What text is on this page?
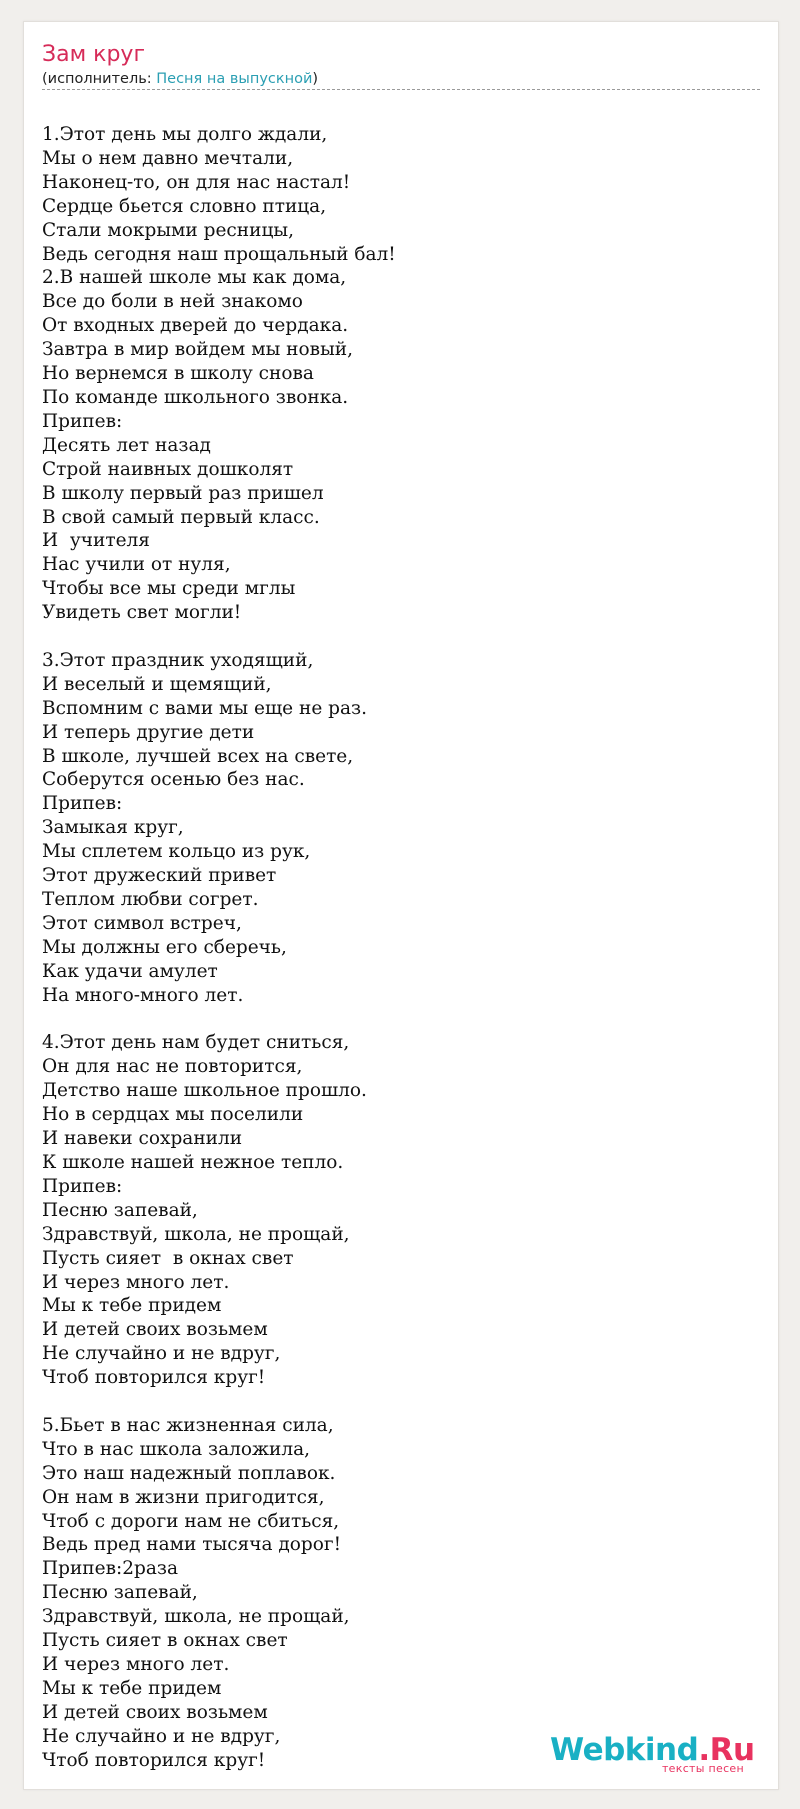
Зам круг
(исполнитель: Песня на выпускной)
1.Этот день мы долго ждали,
Мы о нем давно мечтали,
Наконец-то, он для нас настал!
Сердце бьется словно птица,
Стали мокрыми ресницы,
Ведь сегодня наш прощальный бал!
2.В нашей школе мы как дома,
Все до боли в ней знакомо
От входных дверей до чердака.
Завтра в мир войдем мы новый,
Но вернемся в школу снова
По команде школьного звонка.
Припев:
Десять лет назад
Строй наивных дошколят
В школу первый раз пришел
В свой самый первый класс.
И  учителя
Нас учили от нуля,
Чтобы все мы среди мглы
Увидеть свет могли!

3.Этот праздник уходящий,
И веселый и щемящий,
Вспомним с вами мы еще не раз.
И теперь другие дети
В школе, лучшей всех на свете,
Соберутся осенью без нас.
Припев:
Замыкая круг,
Мы сплетем кольцо из рук,
Этот дружеский привет
Теплом любви согрет.
Этот символ встреч,
Мы должны его сберечь,
Как удачи амулет
На много-много лет.

4.Этот день нам будет сниться,
Он для нас не повторится,
Детство наше школьное прошло.
Но в сердцах мы поселили
И навеки сохранили
К школе нашей нежное тепло.
Припев:
Песню запевай,
Здравствуй, школа, не прощай,
Пусть сияет  в окнах свет
И через много лет.
Мы к тебе придем
И детей своих возьмем
Не случайно и не вдруг,
Чтоб повторился круг!

5.Бьет в нас жизненная сила,
Что в нас школа заложила,
Это наш надежный поплавок.
Он нам в жизни пригодится,
Чтоб с дороги нам не сбиться,
Ведь пред нами тысяча дорог!
Припев:2раза
Песню запевай,
Здравствуй, школа, не прощай,
Пусть сияет в окнах свет
И через много лет.
Мы к тебе придем
И детей своих возьмем
Не случайно и не вдруг,
Чтоб повторился круг!	Webkind.Ru
тексты песен
